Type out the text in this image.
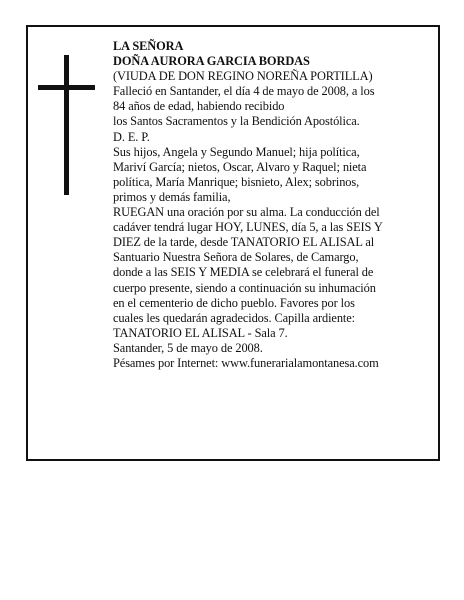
LA SEÑORA
DOÑA AURORA GARCIA BORDAS
(VIUDA DE DON REGINO NOREÑA PORTILLA)
Falleció en Santander, el día 4 de mayo de 2008, a los
84 años de edad, habiendo recibido
los Santos Sacramentos y la Bendición Apostólica.
D. E. P.
Sus hijos, Angela y Segundo Manuel; hija política,
Mariví García; nietos, Oscar, Alvaro y Raquel; nieta
política, María Manrique; bisnieto, Alex; sobrinos,
primos y demás familia,
RUEGAN una oración por su alma. La conducción del
cadáver tendrá lugar HOY, LUNES, día 5, a las SEIS Y
DIEZ de la tarde, desde TANATORIO EL ALISAL al
Santuario Nuestra Señora de Solares, de Camargo,
donde a las SEIS Y MEDIA se celebrará el funeral de
cuerpo presente, siendo a continuación su inhumación
en el cementerio de dicho pueblo. Favores por los
cuales les quedarán agradecidos. Capilla ardiente:
TANATORIO EL ALISAL - Sala 7.
Santander, 5 de mayo de 2008.
Pésames por Internet: www.funerarialamontanesa.com
